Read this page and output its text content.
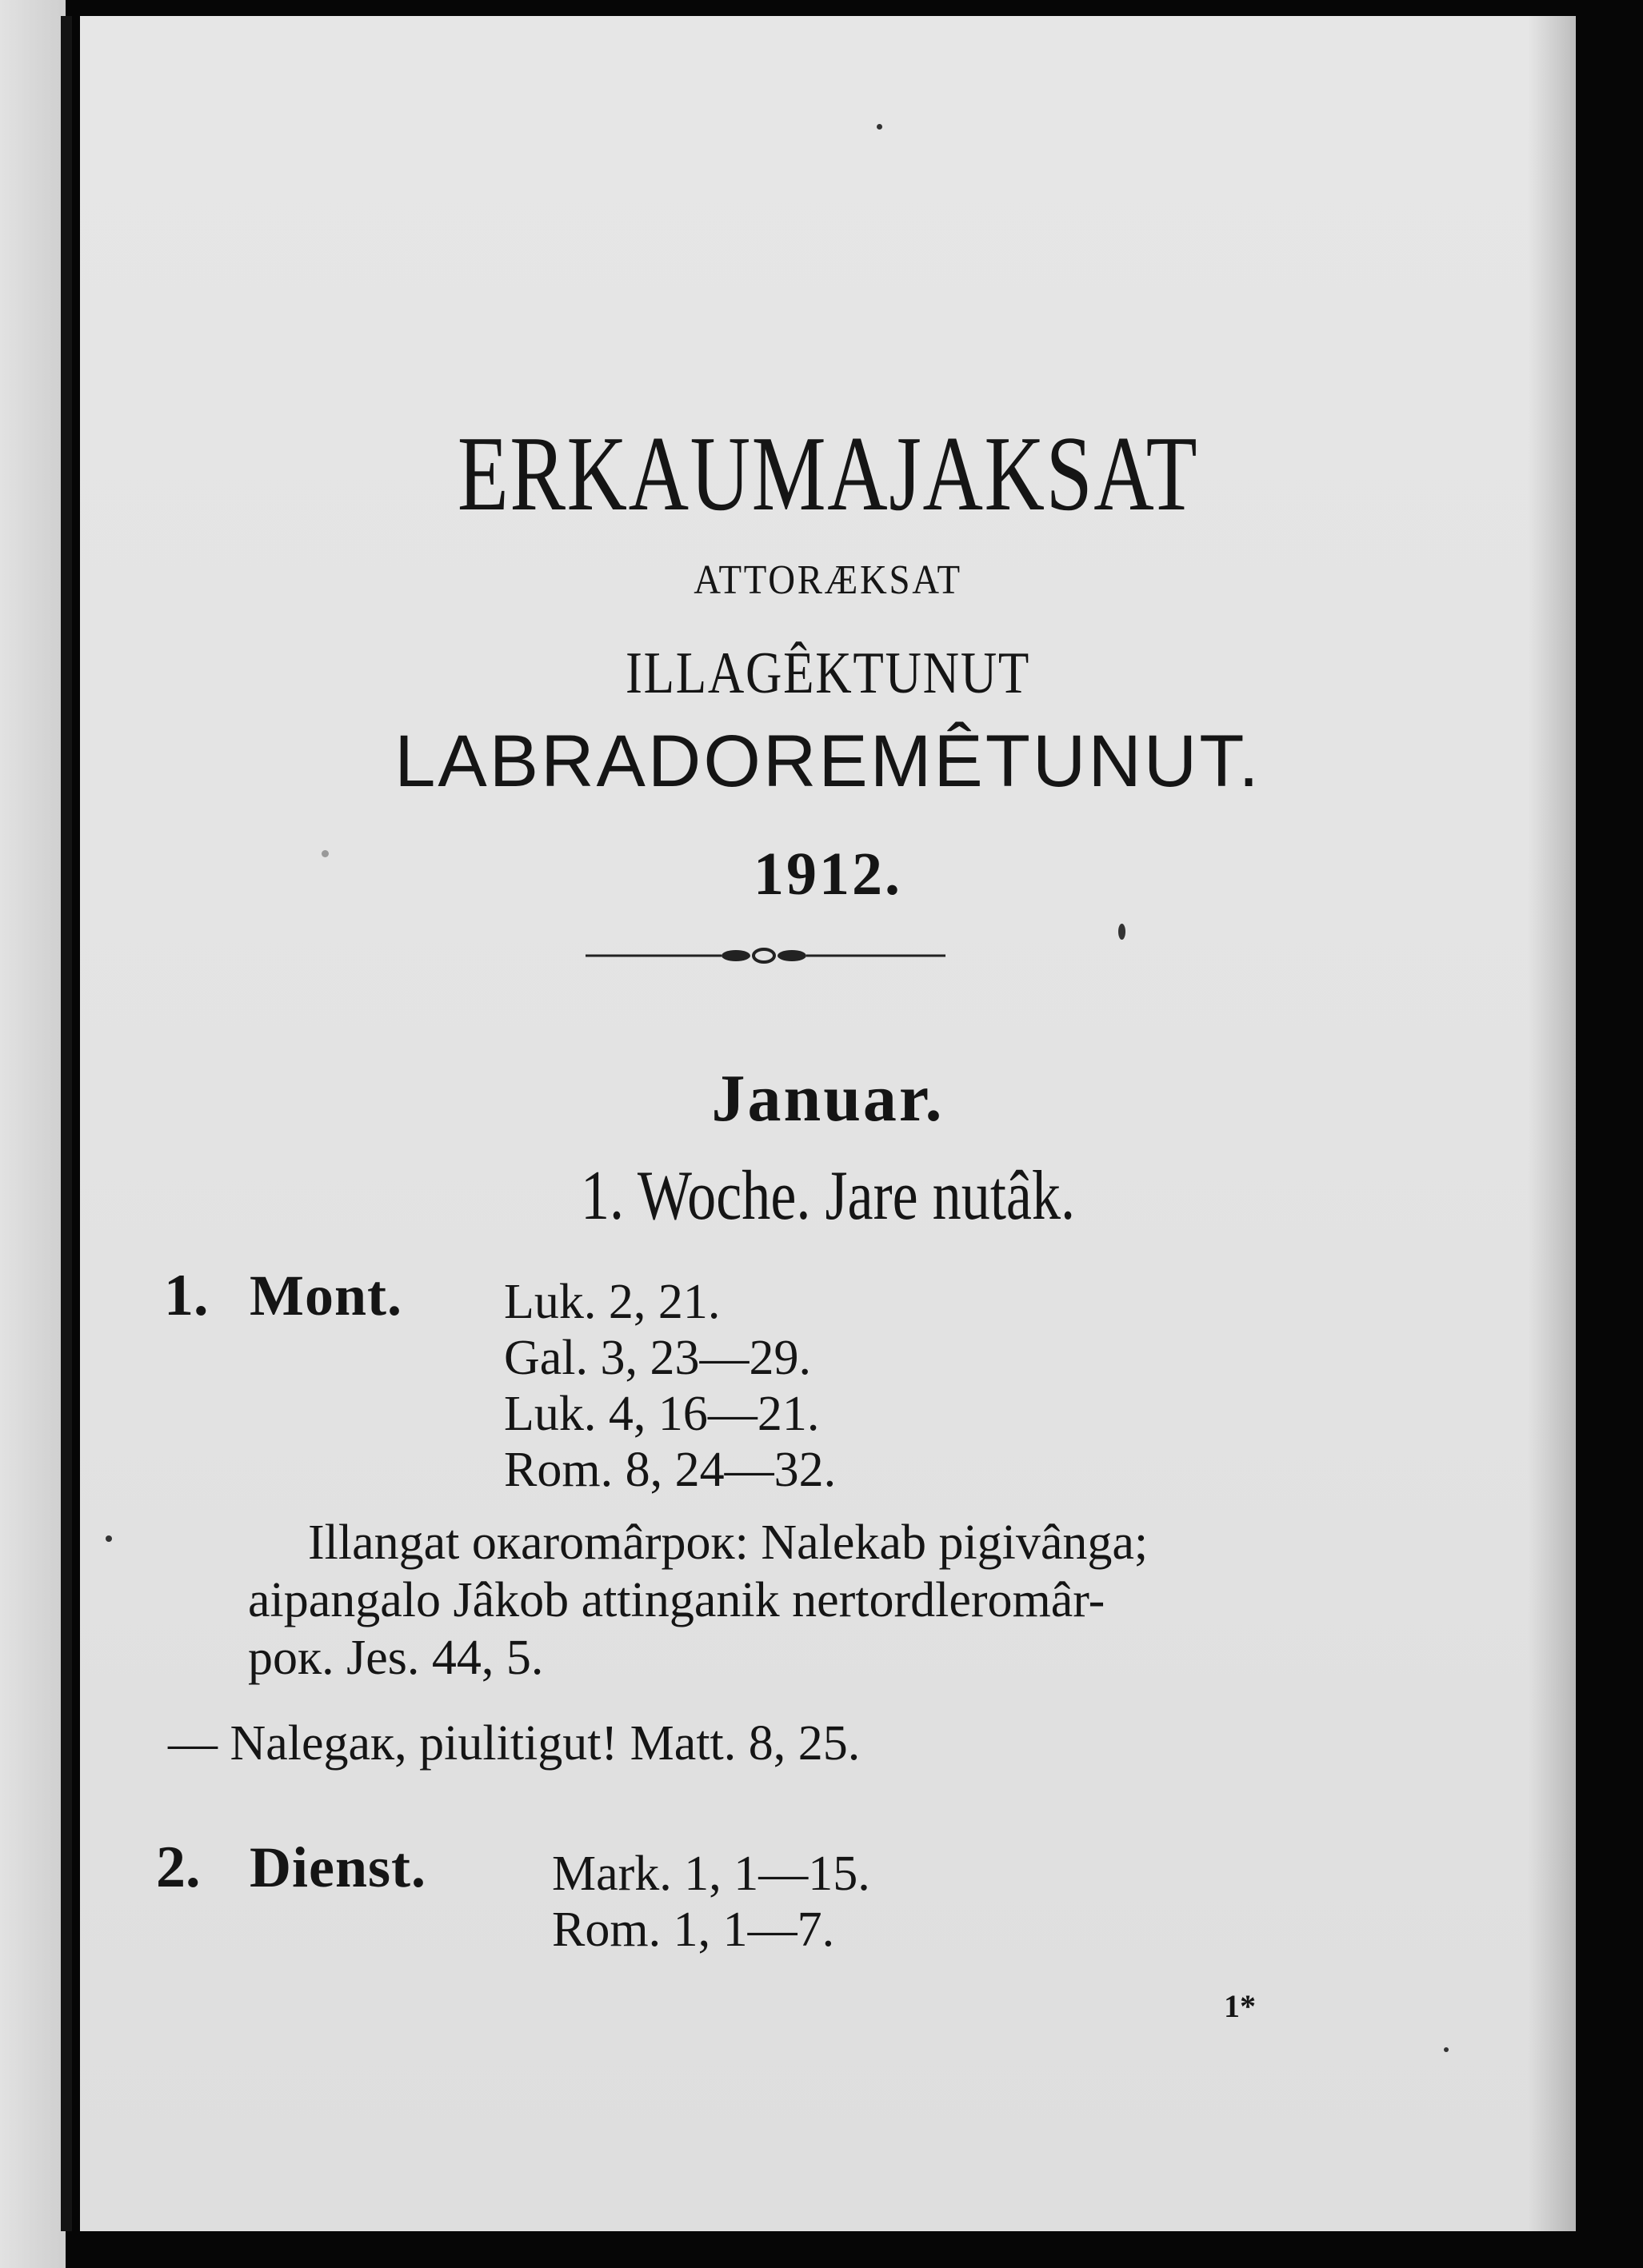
ERKAUMAJAKSAT
ATTORÆKSAT
ILLAGÊKTUNUT
LABRADOREMÊTUNUT.
1912.
Januar.
1. Woche. Jare nutâk.
1. Mont. Luk. 2, 21.
Gal. 3, 23—29.
Luk. 4, 16—21.
Rom. 8, 24—32.
Illangat oкaromârpoк: Nalekab pigivânga;
aipangalo Jâkob attinganik nertordleromâr-
poк. Jes. 44, 5.
— Nalegaк, piulitigut! Matt. 8, 25.
2. Dienst.	Mark. 1, 1—15.
Rom. 1, 1—7.
1*
